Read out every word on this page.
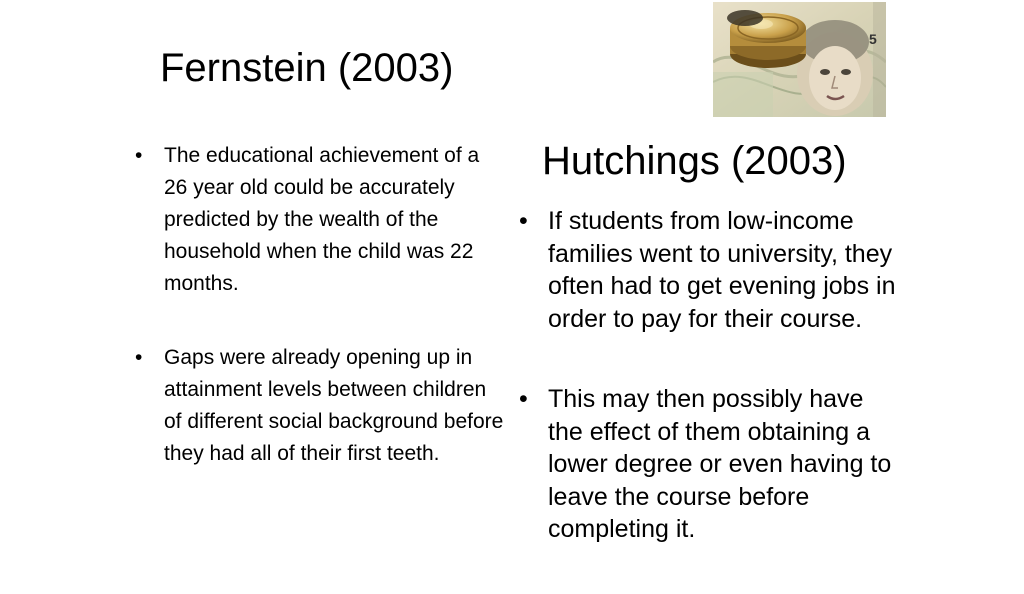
Fernstein (2003)
5
• The educational achievement of a 26 year old could be accurately predicted by the wealth of the household when the child was 22 months.
• Gaps were already opening up in attainment levels between children of different social background before they had all of their first teeth.
Hutchings (2003)
• If students from low-income families went to university, they often had to get evening jobs in order to pay for their course.
• This may then possibly have the effect of them obtaining a lower degree or even having to leave the course before completing it.
